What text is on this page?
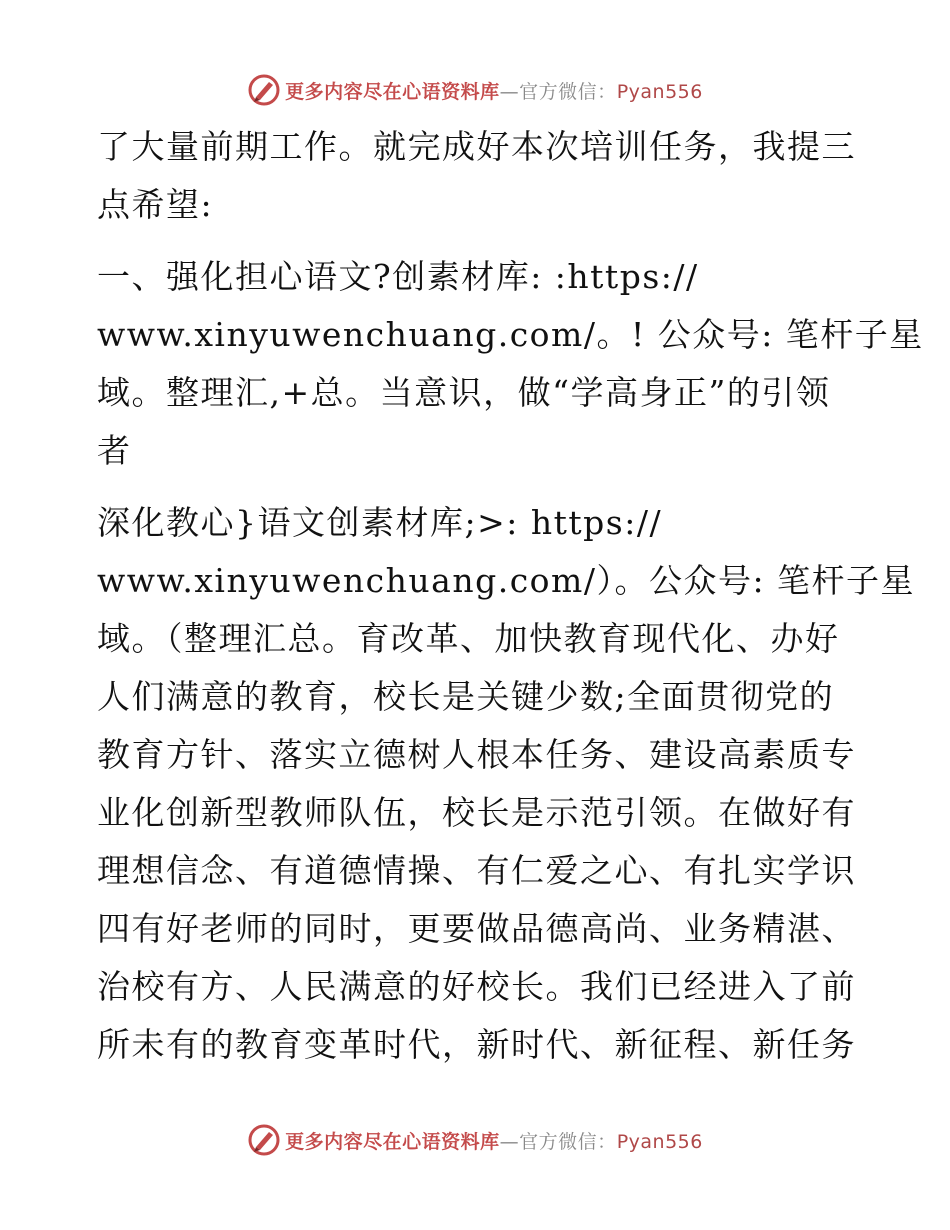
更多内容尽在心语资料库—官方微信：Pyan556
了大量前期工作。就完成好本次培训任务，我提三
点希望:
一、强化担心语文?创素材库: :https://
www.xinyuwenchuang.com/。! 公众号: 笔杆子星
域。整理汇,+总。当意识，做“学高身正”的引领
者
深化教心}语文创素材库;>: https://
www.xinyuwenchuang.com/）。公众号: 笔杆子星
域。（整理汇总。育改革、加快教育现代化、办好
人们满意的教育，校长是关键少数;全面贯彻党的
教育方针、落实立德树人根本任务、建设高素质专
业化创新型教师队伍，校长是示范引领。在做好有
理想信念、有道德情操、有仁爱之心、有扎实学识
四有好老师的同时，更要做品德高尚、业务精湛、
治校有方、人民满意的好校长。我们已经进入了前
所未有的教育变革时代，新时代、新征程、新任务
更多内容尽在心语资料库—官方微信：Pyan556
